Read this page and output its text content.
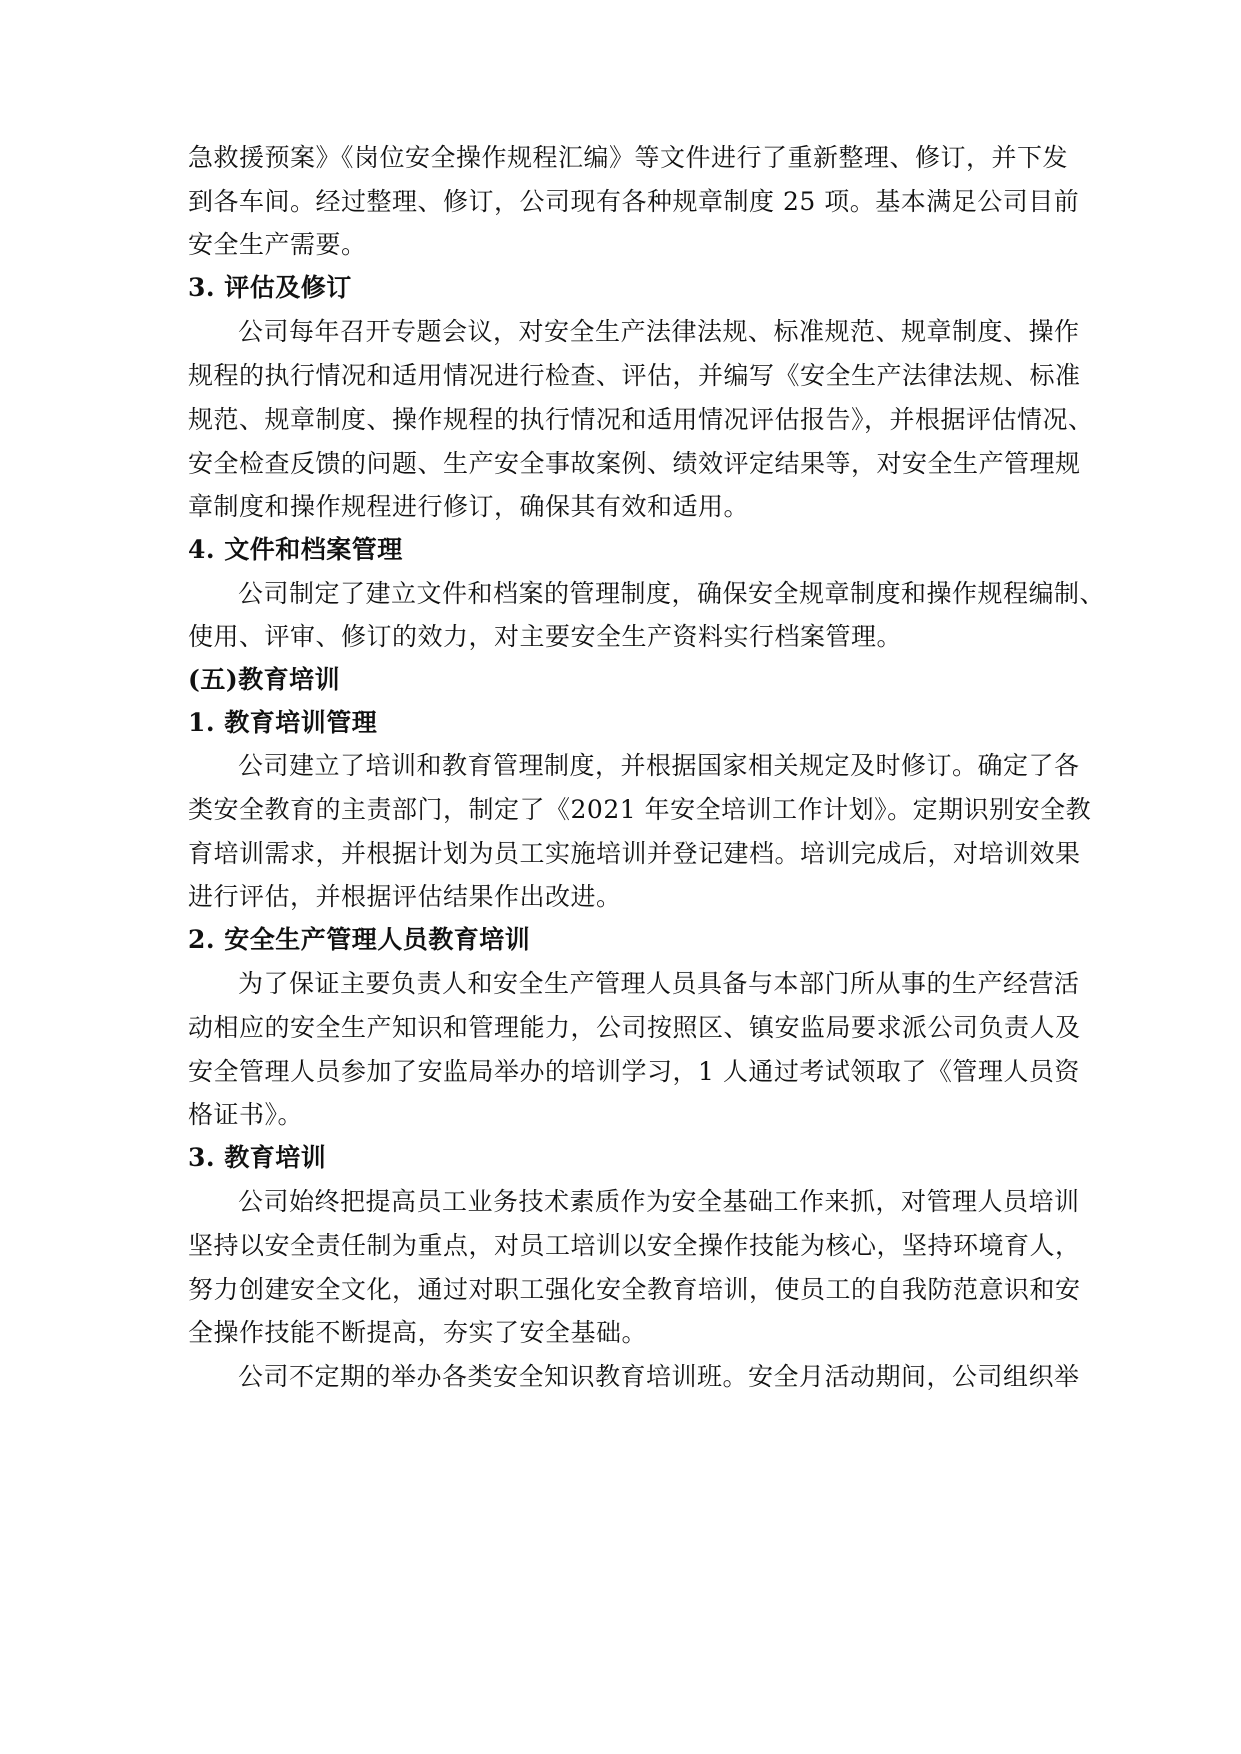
急救援预案》《岗位安全操作规程汇编》等文件进行了重新整理、修订，并下发
到各车间。经过整理、修订，公司现有各种规章制度 25 项。基本满足公司目前
安全生产需要。
3. 评估及修订
公司每年召开专题会议，对安全生产法律法规、标准规范、规章制度、操作
规程的执行情况和适用情况进行检查、评估，并编写《安全生产法律法规、标准
规范、规章制度、操作规程的执行情况和适用情况评估报告》，并根据评估情况、
安全检查反馈的问题、生产安全事故案例、绩效评定结果等，对安全生产管理规
章制度和操作规程进行修订，确保其有效和适用。
4. 文件和档案管理
公司制定了建立文件和档案的管理制度，确保安全规章制度和操作规程编制、
使用、评审、修订的效力，对主要安全生产资料实行档案管理。
(五)教育培训
1. 教育培训管理
公司建立了培训和教育管理制度，并根据国家相关规定及时修订。确定了各
类安全教育的主责部门，制定了《2021 年安全培训工作计划》。定期识别安全教
育培训需求，并根据计划为员工实施培训并登记建档。培训完成后，对培训效果
进行评估，并根据评估结果作出改进。
2. 安全生产管理人员教育培训
为了保证主要负责人和安全生产管理人员具备与本部门所从事的生产经营活
动相应的安全生产知识和管理能力，公司按照区、镇安监局要求派公司负责人及
安全管理人员参加了安监局举办的培训学习，1 人通过考试领取了《管理人员资
格证书》。
3. 教育培训
公司始终把提高员工业务技术素质作为安全基础工作来抓，对管理人员培训
坚持以安全责任制为重点，对员工培训以安全操作技能为核心，坚持环境育人，
努力创建安全文化，通过对职工强化安全教育培训，使员工的自我防范意识和安
全操作技能不断提高，夯实了安全基础。
公司不定期的举办各类安全知识教育培训班。安全月活动期间，公司组织举
